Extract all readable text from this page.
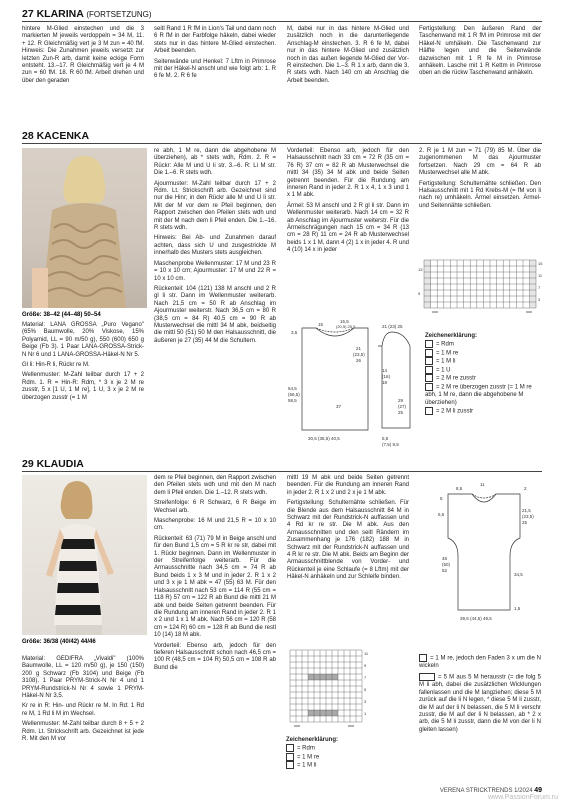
27 KLARINA (FORTSETZUNG)

hintere M-Glied einstechen und die 3 markierten M jeweils verdoppeln = 34 M, 11. + 12. R Gleichmäßig vert je 3 M zun = 40 fM. Hinweis: Die Zunahmen jeweils versetzt zur letzten Zun-R arb, damit keine eckige Form entsteht. 13.–17. R Gleichmäßig vert je 4 M zun = 60 fM. 18. R 60 fM. Arbeit drehen und über den geraden

seitl Rand 1 R fM in Lion's Tail und dann noch 6 R fM in der Farbfolge häkeln, dabei wieder stets nur in das hintere M-Glied einstechen. Arbeit beenden.

Seitenwände und Henkel: 7 Lftm in Primrose mit der Häkel-N anschl und wie folgt arb: 1. R 6 fe M. 2. R 6 fe

M, dabei nur in das hintere M-Glied und zusätzlich noch in die darunterliegende Anschlag-M einstechen. 3. R 6 fe M, dabei nur in das hintere M-Glied und zusätzlich noch in das außen liegende M-Glied der Vor-R einstechen. Die 1.–3. R 1 x arb, dann die 3. R stets wdh. Nach 140 cm ab Anschlag die Arbeit beenden.

Fertigstellung: Den äußeren Rand der Taschenwand mit 1 R fM im Primrose mit der Häkel-N umhäkeln. Die Taschenwand zur Hälfte legen und die Seitenwände dazwischen mit 1 R fe M in Primrose anhäkeln. Lasche mit 1 R Kettm in Primrose oben an die rückw Taschenwand anhäkeln.

28 KACENKA
Größe: 38–42 (44–48) 50–54

Material: LANA GROSSA „Puro Vegano" (65% Baumwolle, 20% Viskose, 15% Polyamid, LL = 90 m/50 g), 550 (600) 650 g Beige (Fb 3). 1 Paar LANA-GROSSA-Strick-N Nr 6 und 1 LANA-GROSSA-Häkel-N Nr 5.

Gl li: Hin-R li, Rückr re M.

Wellenmuster: M-Zahl teilbar durch 17 + 2 Rdm. 1. R = Hin-R: Rdm, * 3 x je 2 M re zusstr, 5 x [1 U, 1 M re], 1 U, 3 x je 2 M re überzogen zusstr (= 1 M

re abh, 1 M re, dann die abgehobene M überziehen), ab * stets wdh, Rdm. 2. R = Rückr: Alle M und U li str. 3.–6. R: Li M str. Die 1.–6. R stets wdh.

Ajourmuster: M-Zahl teilbar durch 17 + 2 Rdm. Lt. Strickschrift arb. Gezeichnet sind nur die Hinr; in den Rückr alle M und U li str. Mit der M vor dem re Pfeil beginnen, den Rapport zwischen den Pfeilen stets wdh und mit der M nach dem li Pfeil enden. Die 1.–16. R stets wdh.

Hinweis: Bei Ab- und Zunahmen darauf achten, dass sich U und zusgestrickte M innerhalb des Musters stets ausgleichen.

Maschenprobe Wellenmuster: 17 M und 23 R = 10 x 10 cm; Ajourmuster: 17 M und 22 R = 10 x 10 cm.

Rückenteil: 104 (121) 138 M anschl und 2 R gl li str. Dann im Wellenmuster weiterarb. Nach 21,5 cm = 50 R ab Anschlag im Ajourmuster weiterstr. Nach 36,5 cm = 80 R (38,5 cm = 84 R) 40,5 cm = 90 R ab Musterwechsel die mittl 34 M abk, beidseitig die mittl 50 (51) 50 M den Halsausschnitt, die äußeren je 27 (35) 44 M die Schultern.

Vorderteil: Ebenso arb, jedoch für den Halsausschnitt nach 33 cm = 72 R (35 cm = 76 R) 37 cm = 82 R ab Musterwechsel die mittl 34 (35) 34 M abk und beide Seiten getrennt beenden. Für die Rundung am inneren Rand in jeder 2. R 1 x 4, 1 x 3 und 1 x 1 M abk.

Ärmel: 53 M anschl und 2 R gl li str. Dann im Wellenmuster weiterarb. Nach 14 cm = 32 R ab Anschlag im Ajourmuster weiterstr. Für die Ärmelschrägungen nach 15 cm = 34 R (13 cm = 28 R) 11 cm = 24 R ab Musterwechsel beids 1 x 1 M, dann 4 (2) 1 x in jeder 4. R und 4 (10) 14 x in jeder

2. R je 1 M zun = 71 (79) 85 M. Über die zugenommenen M das Ajourmuster fortsetzen. Nach 29 cm = 64 R ab Musterwechsel alle M abk.

Fertigstellung: Schulternähte schließen. Den Halsausschnitt mit 1 Rd Krebs-M (= fM von li nach re) umhäkeln. Ärmel einsetzen. Ärmel- und Seitennähte schließen.

15
11
7
3
13
5
15
15,5
(20,5) 25,5
3,5
54,5
(56,5)
58,5
37
21
(23,5)
26
21 (23) 25
14
(16)
18
29
(27)
25
30,5 (35,5) 40,5	5,5
(7,5) 9,5
Zeichenerklärung:
= Rdm
= 1 M re
= 1 M li
= 1 U
= 2 M re zusstr
= 2 M re überzogen zusstr (= 1 M re abh, 1 M re, dann die abgehobene M überziehen)
= 2 M li zusstr
29 KLAUDIA
Größe: 36/38 (40/42) 44/46

Material: GEDIFRA „Vivaldi" (100% Baumwolle, LL = 120 m/50 g), je 150 (150) 200 g Schwarz (Fb 3104) und Beige (Fb 3108). 1 Paar PRYM-Strick-N Nr 4 und 1 PRYM-Rundstrick-N Nr 4 sowie 1 PRYM-Häkel-N Nr 3,5.

Kr re in R: Hin- und Rückr re M. In Rd: 1 Rd re M, 1 Rd li M im Wechsel.

Wellenmuster: M-Zahl teilbar durch 8 + 5 + 2 Rdm. Lt. Strickschrift arb. Gezeichnet ist jede R. Mit den M vor

dem re Pfeil beginnen, den Rapport zwischen den Pfeilen stets wdh und mit den M nach dem li Pfeil enden. Die 1.–12. R stets wdh.

Streifenfolge: 6 R Schwarz, 6 R Beige im Wechsel arb.

Maschenprobe: 16 M und 21,5 R = 10 x 10 cm.

Rückenteil: 63 (71) 79 M in Beige anschl und für den Bund 1,5 cm = 5 R kr re str, dabei mit 1. Rückr beginnen. Dann im Wellenmuster in der Streifenfolge weiterarb. Für die Armausschnitte nach 34,5 cm = 74 R ab Bund beids 1 x 3 M und in jeder 2. R 1 x 2 und 3 x je 1 M abk = 47 (55) 63 M. Für den Halsausschnitt nach 53 cm = 114 R (55 cm = 118 R) 57 cm = 122 R ab Bund die mittl 21 M abk und beide Seiten getrennt beenden. Für die Rundung am inneren Rand in jeder 2. R 1 x 2 und 1 x 1 M abk. Nach 56 cm = 120 R (58 cm = 124 R) 60 cm = 128 R ab Bund die restl 10 (14) 18 M abk.

Vorderteil: Ebenso arb, jedoch für den tieferen Halsausschnitt schon nach 46,5 cm = 100 R (48,5 cm = 104 R) 50,5 cm = 108 R ab Bund die

mittl 19 M abk und beide Seiten getrennt beenden. Für die Rundung am inneren Rand in jeder 2. R 1 x 2 und 2 x je 1 M abk.

Fertigstellung: Schulternähte schließen. Für die Blende aus dem Halsausschnitt 84 M in Schwarz mit der Rundstrick-N auffassen und 4 Rd kr re str. Die M abk. Aus den Armausschnitten und den seitl Rändern im Zusammenhang je 176 (182) 188 M in Schwarz mit der Rundstrick-N auffassen und 4 R kr re str. Die M abk. Beids am Beginn der Armausschnittblende von Vorder- und Rückenteil je eine Schlaufe (= 8 Lftm) mit der Häkel-N anhäkeln und zur Schleife binden.

8,5
11
2
5
6,5
21,5
(23,5)
25
48
(50)
52
34,5
1,5
39,5 (44,5) 49,5
11
9
7
5
3
1
Zeichenerklärung:
= Rdm
= 1 M re
= 1 M li

= 1 M re, jedoch den Faden 3 x um die N wickeln

= 5 M aus 5 M herausstr (= die folg 5 M li abh, dabei die zusätzlichen Wicklungen fallenlassen und die M langziehen; diese 5 M zurück auf die li N legen, * diese 5 M li zusstr, die M auf der li N belassen, die 5 M li verschr zusstr, die M auf der li N belassen, ab * 2 x arb, die 5 M li zusstr, dann die M von der li N gleiten lassen)

VERENA STRICKTRENDS 1/2024 49
www.PassionForum.ru
